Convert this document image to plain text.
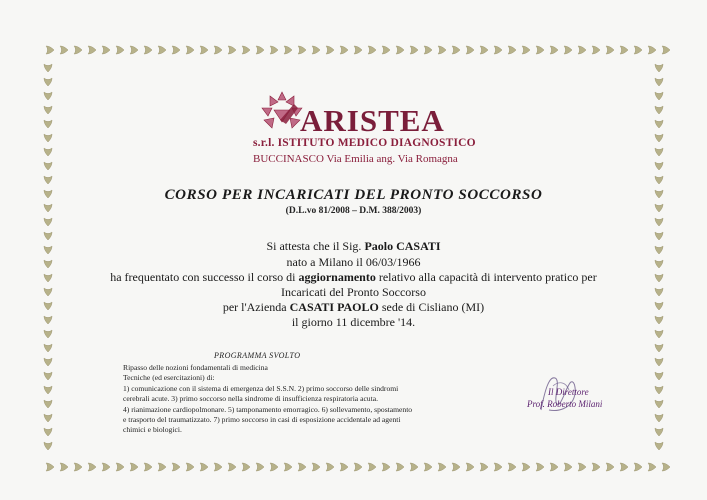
ARISTEA
s.r.l. ISTITUTO MEDICO DIAGNOSTICO
BUCCINASCO Via Emilia ang. Via Romagna
CORSO PER INCARICATI DEL PRONTO SOCCORSO
(D.L.vo 81/2008 – D.M. 388/2003)
Si attesta che il Sig. Paolo CASATI
nato a Milano il 06/03/1966
ha frequentato con successo il corso di aggiornamento relativo alla capacità di intervento pratico per
Incaricati del Pronto Soccorso
per l'Azienda CASATI PAOLO sede di Cisliano (MI)
il giorno 11 dicembre '14.
PROGRAMMA SVOLTO
Ripasso delle nozioni fondamentali di medicina
Tecniche (ed esercitazioni) di:
1) comunicazione con il sistema di emergenza del S.S.N. 2) primo soccorso delle sindromi
cerebrali acute. 3) primo soccorso nella sindrome di insufficienza respiratoria acuta.
4) rianimazione cardiopolmonare. 5) tamponamento emorragico. 6) sollevamento, spostamento
e trasporto del traumatizzato. 7) primo soccorso in casi di esposizione accidentale ad agenti
chimici e biologici.
Il Direttore
Prof. Roberto Milani
